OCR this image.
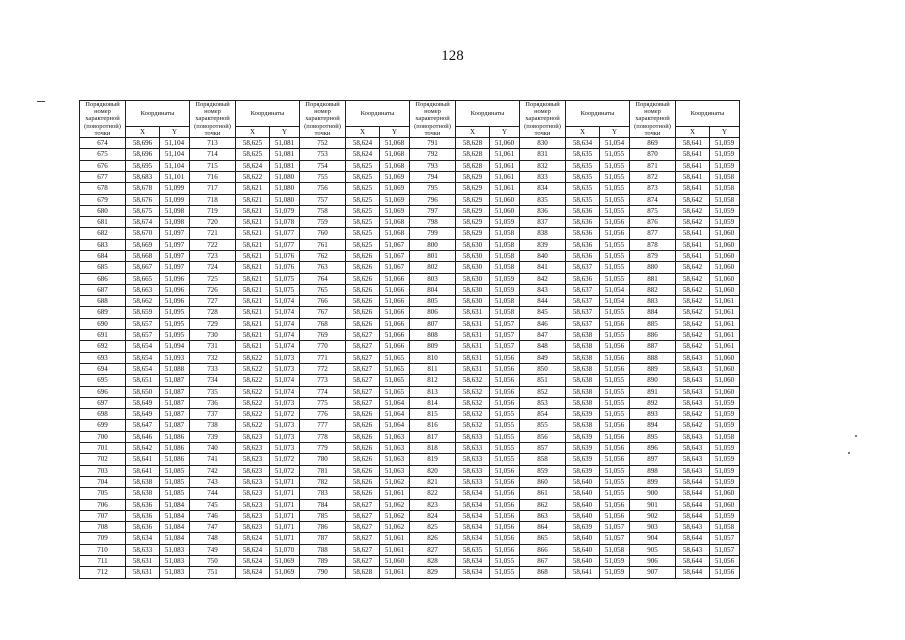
128
Порядковый номер характерной (поворотной) точки	Координаты		Порядковый номер характерной (поворотной) точки	Координаты		Порядковый номер характерной (поворотной) точки	Координаты		Порядковый номер характерной (поворотной) точки	Координаты		Порядковый номер характерной (поворотной) точки	Координаты		Порядковый номер характерной (поворотной) точки	Координаты	
	X	Y		X	Y		X	Y		X	Y		X	Y		X	Y
674	58,696	51,104	713	58,625	51,081	752	58,624	51,068	791	58,628	51,060	830	58,634	51,054	869	58,641	51,059
675	58,696	51,104	714	58,625	51,081	753	58,624	51,068	792	58,628	51,061	831	58,635	51,055	870	58,641	51,059
676	58,695	51,104	715	58,624	51,081	754	58,625	51,068	793	58,628	51,061	832	58,635	51,055	871	58,641	51,059
677	58,683	51,101	716	58,622	51,080	755	58,625	51,069	794	58,629	51,061	833	58,635	51,055	872	58,641	51,058
678	58,678	51,099	717	58,621	51,080	756	58,625	51,069	795	58,629	51,061	834	58,635	51,055	873	58,641	51,058
679	58,676	51,099	718	58,621	51,080	757	58,625	51,069	796	58,629	51,060	835	58,635	51,055	874	58,642	51,058
680	58,675	51,098	719	58,621	51,079	758	58,625	51,069	797	58,629	51,060	836	58,636	51,055	875	58,642	51,059
681	58,674	51,098	720	58,621	51,078	759	58,625	51,068	798	58,629	51,059	837	58,636	51,056	876	58,642	51,059
682	58,670	51,097	721	58,621	51,077	760	58,625	51,068	799	58,629	51,058	838	58,636	51,056	877	58,641	51,060
683	58,669	51,097	722	58,621	51,077	761	58,625	51,067	800	58,630	51,058	839	58,636	51,055	878	58,641	51,060
684	58,668	51,097	723	58,621	51,076	762	58,626	51,067	801	58,630	51,058	840	58,636	51,055	879	58,641	51,060
685	58,667	51,097	724	58,621	51,076	763	58,626	51,067	802	58,630	51,058	841	58,637	51,055	880	58,642	51,060
686	58,665	51,096	725	58,621	51,075	764	58,626	51,066	803	58,630	51,059	842	58,636	51,055	881	58,642	51,060
687	58,663	51,096	726	58,621	51,075	765	58,626	51,066	804	58,630	51,059	843	58,637	51,054	882	58,642	51,060
688	58,662	51,096	727	58,621	51,074	766	58,626	51,066	805	58,630	51,058	844	58,637	51,054	883	58,642	51,061
689	58,659	51,095	728	58,621	51,074	767	58,626	51,066	806	58,631	51,058	845	58,637	51,055	884	58,642	51,061
690	58,657	51,095	729	58,621	51,074	768	58,626	51,066	807	58,631	51,057	846	58,637	51,056	885	58,642	51,061
691	58,657	51,095	730	58,621	51,074	769	58,627	51,066	808	58,631	51,057	847	58,638	51,055	886	58,642	51,061
692	58,654	51,094	731	58,621	51,074	770	58,627	51,066	809	58,631	51,057	848	58,638	51,056	887	58,642	51,061
693	58,654	51,093	732	58,622	51,073	771	58,627	51,065	810	58,631	51,056	849	58,638	51,056	888	58,643	51,060
694	58,654	51,088	733	58,622	51,073	772	58,627	51,065	811	58,631	51,056	850	58,638	51,056	889	58,643	51,060
695	58,651	51,087	734	58,622	51,074	773	58,627	51,065	812	58,632	51,056	851	58,638	51,055	890	58,643	51,060
696	58,650	51,087	735	58,622	51,074	774	58,627	51,065	813	58,632	51,056	852	58,638	51,055	891	58,643	51,060
697	58,649	51,087	736	58,622	51,073	775	58,627	51,064	814	58,632	51,056	853	58,638	51,055	892	58,643	51,059
698	58,649	51,087	737	58,622	51,072	776	58,626	51,064	815	58,632	51,055	854	58,639	51,055	893	58,642	51,059
699	58,647	51,087	738	58,622	51,073	777	58,626	51,064	816	58,632	51,055	855	58,638	51,056	894	58,642	51,059
700	58,646	51,086	739	58,623	51,073	778	58,626	51,063	817	58,633	51,055	856	58,639	51,056	895	58,643	51,058
701	58,642	51,086	740	58,623	51,073	779	58,626	51,063	818	58,633	51,055	857	58,639	51,056	896	58,643	51,059
702	58,641	51,086	741	58,623	51,072	780	58,626	51,063	819	58,633	51,055	858	58,639	51,056	897	58,643	51,059
703	58,641	51,085	742	58,623	51,072	781	58,626	51,063	820	58,633	51,056	859	58,639	51,055	898	58,643	51,059
704	58,638	51,085	743	58,623	51,071	782	58,626	51,062	821	58,633	51,056	860	58,640	51,055	899	58,644	51,059
705	58,638	51,085	744	58,623	51,071	783	58,626	51,061	822	58,634	51,056	861	58,640	51,055	900	58,644	51,060
706	58,636	51,084	745	58,623	51,071	784	58,627	51,062	823	58,634	51,056	862	58,640	51,056	901	58,644	51,060
707	58,636	51,084	746	58,623	51,071	785	58,627	51,062	824	58,634	51,056	863	58,640	51,056	902	58,644	51,059
708	58,636	51,084	747	58,623	51,071	786	58,627	51,062	825	58,634	51,056	864	58,639	51,057	903	58,643	51,058
709	58,634	51,084	748	58,624	51,071	787	58,627	51,061	826	58,634	51,056	865	58,640	51,057	904	58,644	51,057
710	58,633	51,083	749	58,624	51,070	788	58,627	51,061	827	58,635	51,056	866	58,640	51,058	905	58,643	51,057
711	58,631	51,083	750	58,624	51,069	789	58,627	51,060	828	58,634	51,055	867	58,640	51,059	906	58,644	51,056
712	58,631	51,083	751	58,624	51,069	790	58,628	51,061	829	58,634	51,055	868	58,641	51,059	907	58,644	51,056
